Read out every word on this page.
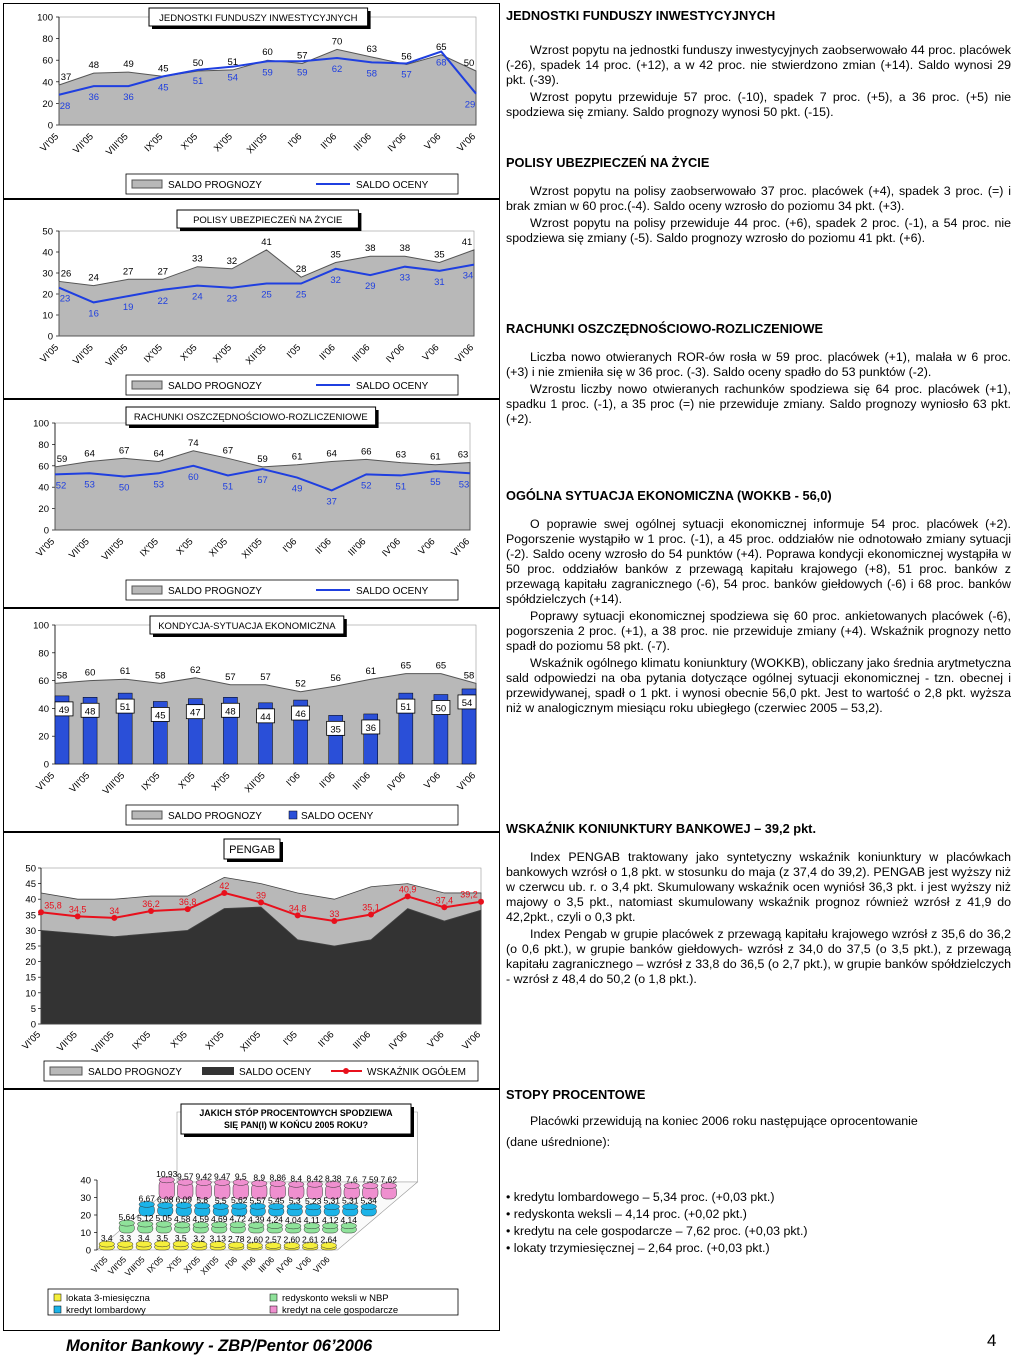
0
20
40
60
80
100
28
36	36
45
51	54	59	59	62	58	57
68
29
37
48	49	45	50	51
60	57
70
63
56
65
50
VI'05 VII'05 VIII'05 IX'05 X'05 XI'05 XII'05 I'06 II'06 III'06 IV'06 V'06 VI'06
JEDNOSTKI FUNDUSZY INWESTYCYJNYCH
SALDO PROGNOZY	SALDO OCENY
0
10
20
30
40
50
23
16
19
22	24	23	25	25
32
29
33	31
34
26 24
27	27
33	32
41
28
35
38	38
35
41
VI'05 VII'05 VIII'05 IX'05 X'05 XI'05 XII'05 I'05 II'06 III'06 IV'06 V'06 VI'06
POLISY UBEZPIECZEŃ NA ŻYCIE
SALDO PROGNOZY	SALDO OCENY
0
20
40
60
80
100
52 53	50	53
60
51
57
49
37
52	51	55 53
59 64	67	64
74
67
59	61	64	66	63	61 63
VI'05 VII'05 VIII'05 IX'05 X'05 XI'05 XII'05 I'06 II'06 III'06 IV'06 V'06 VI'06
RACHUNKI OSZCZĘDNOŚCIOWO-ROZLICZENIOWE
SALDO PROGNOZY	SALDO OCENY
0
20
40
60
80
100
49 48	51
45	47	48
44	46
35	36
51	50
54
58 60	61	58
62
57	57
52
56
61
65	65
58
VI'05 VII'05 VIII'05 IX'05 X'05 XI'05 XII'05 I'06 II'06 III'06 IV'06 V'06 VI'06
KONDYCJA-SYTUACJA EKONOMICZNA
SALDO PROGNOZY	SALDO OCENY
0
5
10
15
20
25
30
35
40
45
50
35,8 34,5	34
36,2 36,8
42
39
34,8
33
35,1
40,9
37,4
39,2
VI'05 VII'05 VIII'05 IX'05 X'05 XI'05 XII'05 I'05 II'06 III'06 IV'06 V'06 VI'06
PENGAB
SALDO PROGNOZY	SALDO OCENY	WSKAŹNIK OGÓŁEM
0
10
20
30
40
10,93 9,57 9,42 9,47 9,5 8,9 8,86 8,4 8,42 8,38 7,6 7,59 7,62
6,67 6,08 6,09 5,8 5,5 5,62 5,57 5,45 5,3 5,23 5,31 5,31 5,34
5,64 5,12 5,05 4,58 4,59 4,69 4,72 4,39 4,24 4,04 4,11 4,12 4,14
3,4 3,3 3,4 3,5 3,5 3,2 3,13 2,78 2,60 2,57 2,60 2,61 2,64
VI'05
VII'05
VIII'05
IX'05 X'05
XI'05
XII'05 I'06 II'06
III'06
IV'06 V'06
VI'06
JAKICH STÓP PROCENTOWYCH SPODZIEWA
SIĘ PAN(I) W KOŃCU 2005 ROKU?
lokata 3-miesięczna	redyskonto weksli w NBP
kredyt lombardowy	kredyt na cele gospodarcze
JEDNOSTKI FUNDUSZY INWESTYCYJNYCH

Wzrost popytu na jednostki funduszy inwestycyjnych zaobserwowało 44 proc. placówek (-26), spadek 14 proc. (+12), a w 42 proc. nie stwierdzono zmian (+14). Saldo wynosi 29 pkt. (-39).

Wzrost popytu przewiduje 57 proc. (-10), spadek 7 proc. (+5), a 36 proc. (+5) nie spodziewa się zmiany. Saldo prognozy wynosi 50 pkt. (-15).

POLISY UBEZPIECZEŃ NA ŻYCIE

Wzrost popytu na polisy zaobserwowało 37 proc. placówek (+4), spadek 3 proc. (=) i brak zmian w 60 proc.(-4). Saldo oceny wzrosło do poziomu 34 pkt. (+3).

Wzrost popytu na polisy przewiduje 44 proc. (+6), spadek 2 proc. (-1), a 54 proc. nie spodziewa się zmiany (-5). Saldo prognozy wzrosło do poziomu 41 pkt. (+6).

RACHUNKI OSZCZĘDNOŚCIOWO-ROZLICZENIOWE

Liczba nowo otwieranych ROR-ów rosła w 59 proc. placówek (+1), malała w 6 proc. (+3) i nie zmieniła się w 36 proc. (-3). Saldo oceny spadło do 53 punktów (-2).

Wzrostu liczby nowo otwieranych rachunków spodziewa się 64 proc. placówek (+1), spadku 1 proc. (-1), a 35 proc (=) nie przewiduje zmiany. Saldo prognozy wyniosło 63 pkt. (+2).

OGÓLNA SYTUACJA EKONOMICZNA (WOKKB - 56,0)

O poprawie swej ogólnej sytuacji ekonomicznej informuje 54 proc. placówek (+2). Pogorszenie wystąpiło w 1 proc. (-1), a 45 proc. oddziałów nie odnotowało zmiany sytuacji (-2). Saldo oceny wzrosło do 54 punktów (+4). Poprawa kondycji ekonomicznej wystąpiła w 50 proc. oddziałów banków z przewagą kapitału krajowego (+8), 51 proc. banków z przewagą kapitału zagranicznego (-6), 54 proc. banków giełdowych (-6) i 68 proc. banków spółdzielczych (+14).

Poprawy sytuacji ekonomicznej spodziewa się 60 proc. ankietowanych placówek (-6), pogorszenia 2 proc. (+1), a 38 proc. nie przewiduje zmiany (+4). Wskaźnik prognozy netto spadł do poziomu 58 pkt. (-7).

Wskaźnik ogólnego klimatu koniunktury (WOKKB), obliczany jako średnia arytmetyczna sald odpowiedzi na oba pytania dotyczące ogólnej sytuacji ekonomicznej - tzn. obecnej i przewidywanej, spadł o 1 pkt. i wynosi obecnie 56,0 pkt. Jest to wartość o 2,8 pkt. wyższa niż w analogicznym miesiącu roku ubiegłego (czerwiec 2005 – 53,2).

WSKAŹNIK KONIUNKTURY BANKOWEJ – 39,2 pkt.

Index PENGAB traktowany jako syntetyczny wskaźnik koniunktury w placówkach bankowych wzrósł o 1,8 pkt. w stosunku do maja (z 37,4 do 39,2). PENGAB jest wyższy niż w czerwcu ub. r. o 3,4 pkt. Skumulowany wskaźnik ocen wyniósł 36,3 pkt. i jest wyższy niż majowy o 3,5 pkt., natomiast skumulowany wskaźnik prognoz również wzrósł z 41,9 do 42,2pkt., czyli o 0,3 pkt.

Index Pengab w grupie placówek z przewagą kapitału krajowego wzrósł z 35,6 do 36,2 (o 0,6 pkt.), w grupie banków giełdowych- wzrósł z 34,0 do 37,5 (o 3,5 pkt.), z przewagą kapitału zagranicznego – wzrósł z 33,8 do 36,5 (o 2,7 pkt.), w grupie banków spółdzielczych - wzrósł z 48,4 do 50,2 (o 1,8 pkt.).

STOPY PROCENTOWE

Placówki przewidują na koniec 2006 roku następujące oprocentowanie

(dane uśrednione):

• kredytu lombardowego – 5,34 proc. (+0,03 pkt.)
• redyskonta weksli – 4,14 proc. (+0,02 pkt.)
• kredytu na cele gospodarcze – 7,62 proc. (+0,03 pkt.)
• lokaty trzymiesięcznej – 2,64 proc. (+0,03 pkt.)
Monitor Bankowy - ZBP/Pentor 06’2006	4
